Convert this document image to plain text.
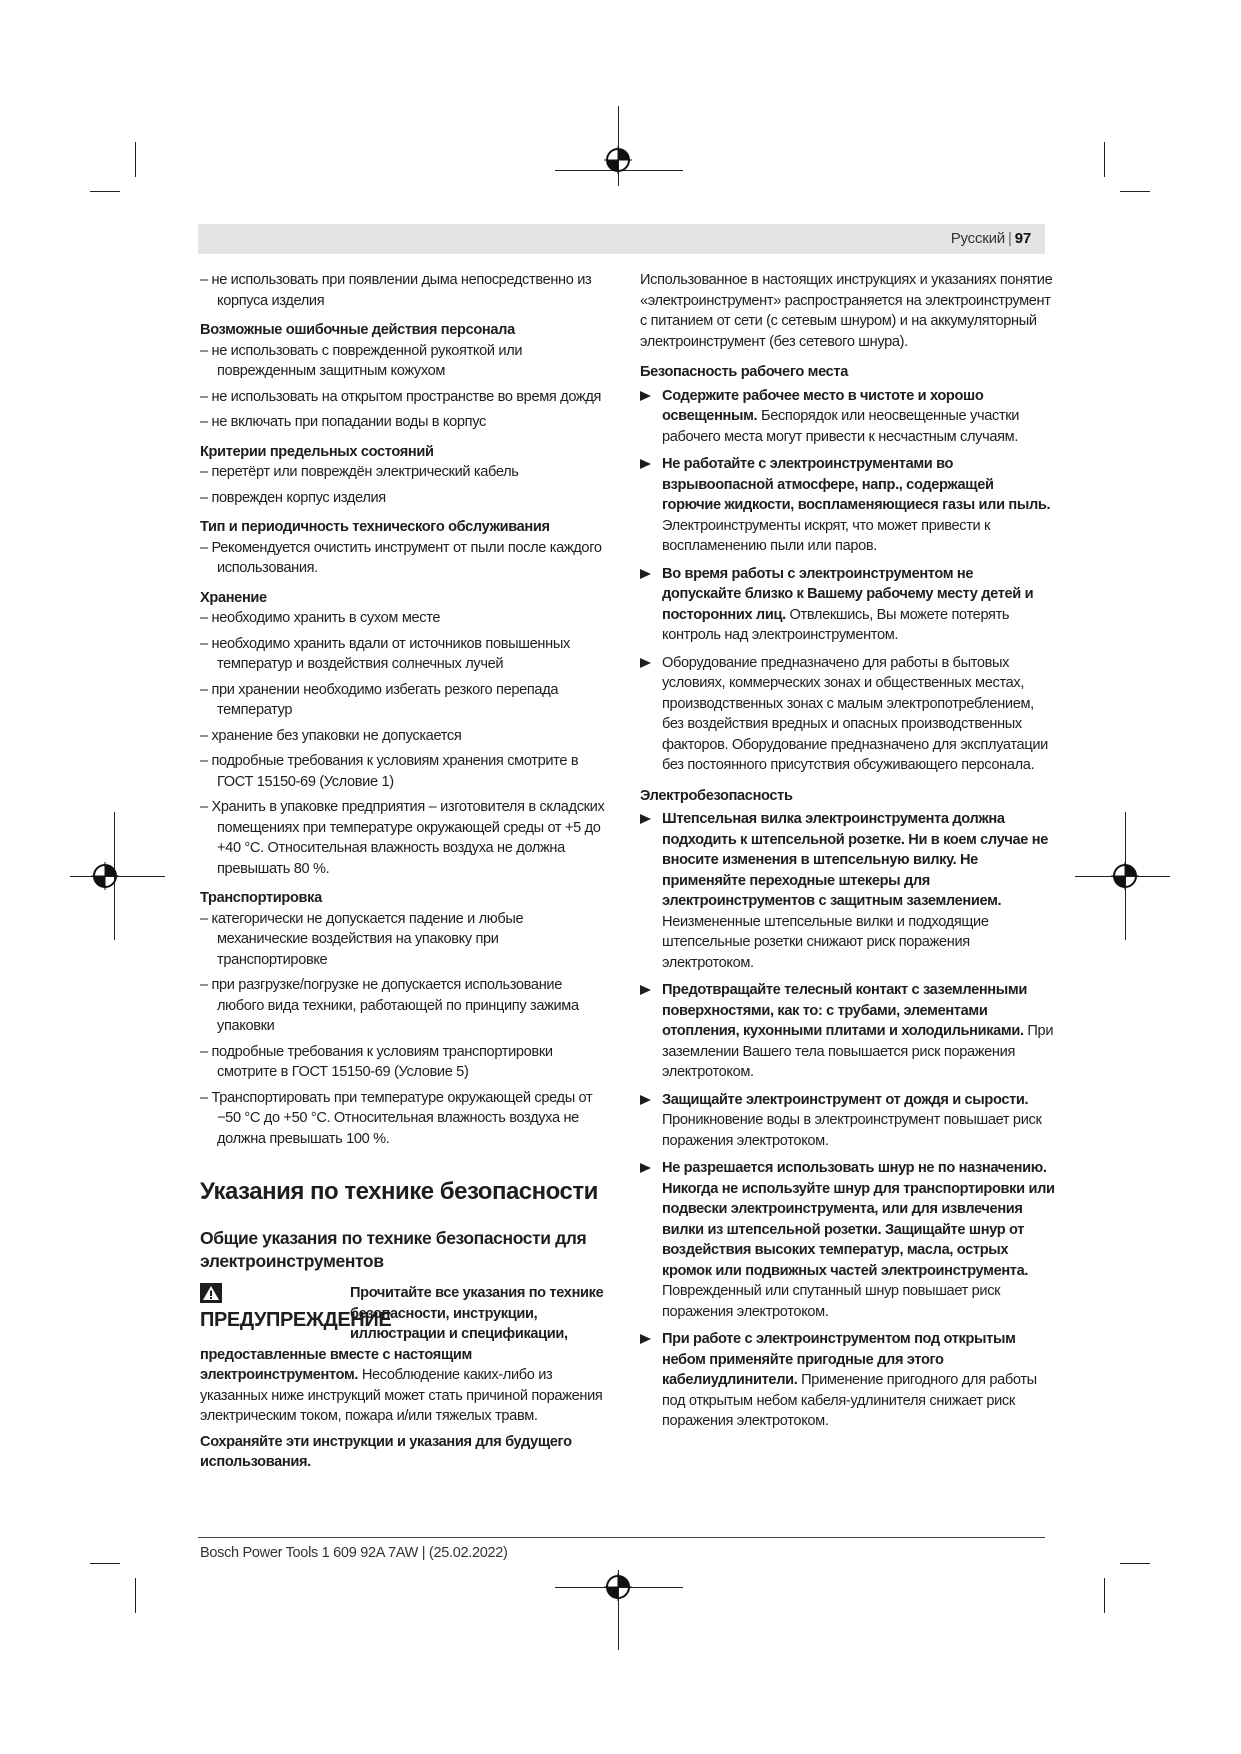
Русский | 97
– не использовать при появлении дыма непосредственно из корпуса изделия
Возможные ошибочные действия персонала
– не использовать с поврежденной рукояткой или поврежденным защитным кожухом
– не использовать на открытом пространстве во время дождя
– не включать при попадании воды в корпус
Критерии предельных состояний
– перетёрт или повреждён электрический кабель
– поврежден корпус изделия
Тип и периодичность технического обслуживания
– Рекомендуется очистить инструмент от пыли после каждого использования.
Хранение
– необходимо хранить в сухом месте
– необходимо хранить вдали от источников повышенных температур и воздействия солнечных лучей
– при хранении необходимо избегать резкого перепада температур
– хранение без упаковки не допускается
– подробные требования к условиям хранения смотрите в ГОСТ 15150-69 (Условие 1)
– Хранить в упаковке предприятия – изготовителя в складских помещениях при температуре окружающей среды от +5 до +40 °C. Относительная влажность воздуха не должна превышать 80 %.
Транспортировка
– категорически не допускается падение и любые механические воздействия на упаковку при транспортировке
– при разгрузке/погрузке не допускается использование любого вида техники, работающей по принципу зажима упаковки
– подробные требования к условиям транспортировки смотрите в ГОСТ 15150-69 (Условие 5)
– Транспортировать при температуре окружающей среды от −50 °C до +50 °C. Относительная влажность воздуха не должна превышать 100 %.
Указания по технике безопасности
Общие указания по технике безопасности для электроинструментов
ПРЕДУПРЕЖДЕНИЕ
Прочитайте все указания по технике безопасности, инструкции, иллюстрации и спецификации, предоставленные вместе с настоящим электроинструментом. Несоблюдение каких-либо из указанных ниже инструкций может стать причиной поражения электрическим током, пожара и/или тяжелых травм.
Сохраняйте эти инструкции и указания для будущего использования.
Использованное в настоящих инструкциях и указаниях понятие «электроинструмент» распространяется на электроинструмент с питанием от сети (с сетевым шнуром) и на аккумуляторный электроинструмент (без сетевого шнура).
Безопасность рабочего места
Содержите рабочее место в чистоте и хорошо освещенным. Беспорядок или неосвещенные участки рабочего места могут привести к несчастным случаям.
Не работайте с электроинструментами во взрывоопасной атмосфере, напр., содержащей горючие жидкости, воспламеняющиеся газы или пыль. Электроинструменты искрят, что может привести к воспламенению пыли или паров.
Во время работы с электроинструментом не допускайте близко к Вашему рабочему месту детей и посторонних лиц. Отвлекшись, Вы можете потерять контроль над электроинструментом.
Оборудование предназначено для работы в бытовых условиях, коммерческих зонах и общественных местах, производственных зонах с малым электропотреблением, без воздействия вредных и опасных производственных факторов. Оборудование предназначено для эксплуатации без постоянного присутствия обсуживающего персонала.
Электробезопасность
Штепсельная вилка электроинструмента должна подходить к штепсельной розетке. Ни в коем случае не вносите изменения в штепсельную вилку. Не применяйте переходные штекеры для электроинструментов с защитным заземлением. Неизмененные штепсельные вилки и подходящие штепсельные розетки снижают риск поражения электротоком.
Предотвращайте телесный контакт с заземленными поверхностями, как то: с трубами, элементами отопления, кухонными плитами и холодильниками. При заземлении Вашего тела повышается риск поражения электротоком.
Защищайте электроинструмент от дождя и сырости. Проникновение воды в электроинструмент повышает риск поражения электротоком.
Не разрешается использовать шнур не по назначению. Никогда не используйте шнур для транспортировки или подвески электроинструмента, или для извлечения вилки из штепсельной розетки. Защищайте шнур от воздействия высоких температур, масла, острых кромок или подвижных частей электроинструмента. Поврежденный или спутанный шнур повышает риск поражения электротоком.
При работе с электроинструментом под открытым небом применяйте пригодные для этого кабелиудлинители. Применение пригодного для работы под открытым небом кабеля-удлинителя снижает риск поражения электротоком.
Bosch Power Tools 1 609 92A 7AW | (25.02.2022)
